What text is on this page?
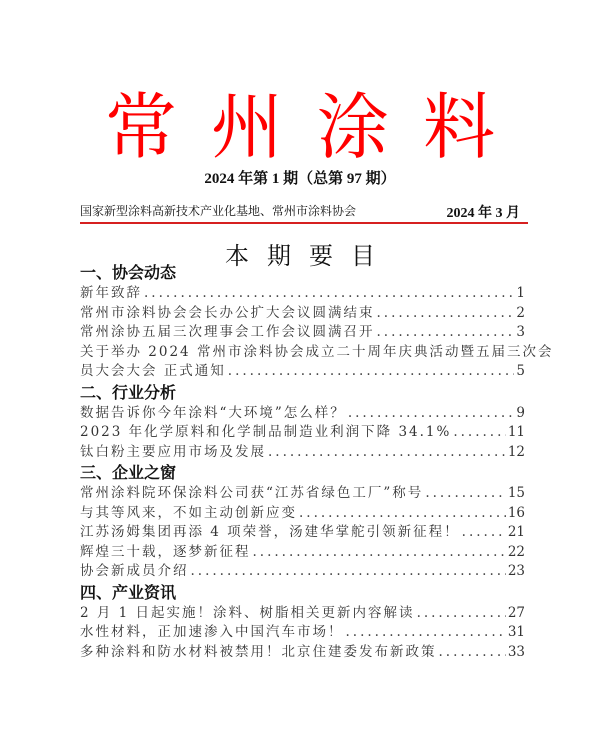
常州涂料
2024 年第 1 期（总第 97 期）
国家新型涂料高新技术产业化基地、常州市涂料协会	2024 年 3 月
本期要目
一、协会动态
新年致辞 .....	1
常州市涂料协会会长办公扩大会议圆满结束 .....	2
常州涂协五届三次理事会工作会议圆满召开 .....	3
关于举办 2024 常州市涂料协会成立二十周年庆典活动暨五届三次会
员大会大会 正式通知 .....	5
二、行业分析
数据告诉你今年涂料“大环境”怎么样？ .....	9
2023 年化学原料和化学制品制造业利润下降 34.1% .....	11
钛白粉主要应用市场及发展 .....	12
三、企业之窗
常州涂料院环保涂料公司获“江苏省绿色工厂”称号 .....	15
与其等风来，不如主动创新应变 .....	16
江苏汤姆集团再添 4 项荣誉，汤建华掌舵引领新征程！ .....	21
辉煌三十载，逐梦新征程 .....	22
协会新成员介绍 .....	23
四、产业资讯
2 月 1 日起实施！涂料、树脂相关更新内容解读 .....	27
水性材料，正加速渗入中国汽车市场！ .....	31
多种涂料和防水材料被禁用！北京住建委发布新政策 .....	33
